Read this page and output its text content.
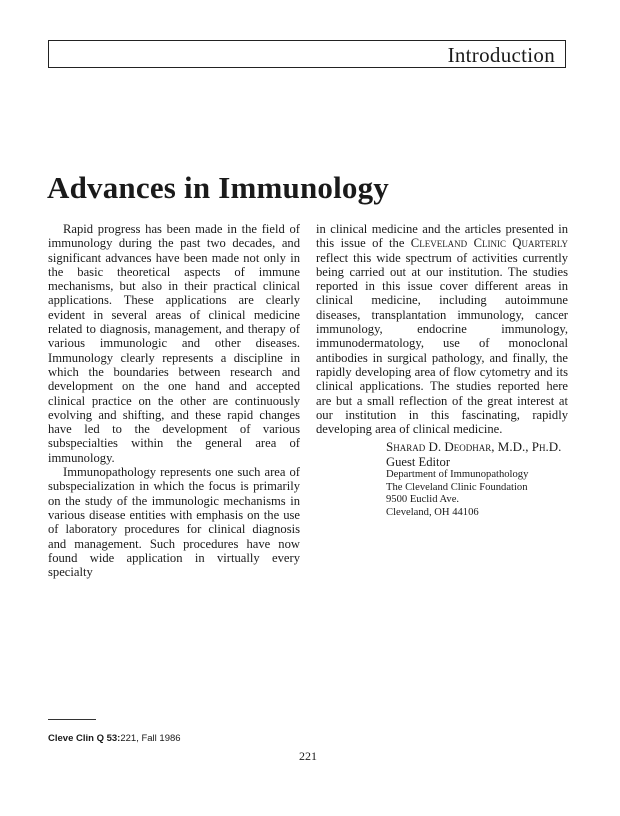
Introduction
Advances in Immunology

Rapid progress has been made in the field of immunology during the past two decades, and significant advances have been made not only in the basic theoretical aspects of immune mechanisms, but also in their practical clinical applications. These applications are clearly evident in several areas of clinical medicine related to diagnosis, management, and therapy of various immunologic and other diseases. Immunology clearly represents a discipline in which the boundaries between research and development on the one hand and accepted clinical practice on the other are continuously evolving and shifting, and these rapid changes have led to the development of various subspecialties within the general area of immunology.

Immunopathology represents one such area of subspecialization in which the focus is primarily on the study of the immunologic mechanisms in various disease entities with emphasis on the use of laboratory procedures for clinical diagnosis and management. Such procedures have now found wide application in virtually every specialty

in clinical medicine and the articles presented in this issue of the Cleveland Clinic Quarterly reflect this wide spectrum of activities currently being carried out at our institution. The studies reported in this issue cover different areas in clinical medicine, including autoimmune diseases, transplantation immunology, cancer immunology, endocrine immunology, immunodermatology, use of monoclonal antibodies in surgical pathology, and finally, the rapidly developing area of flow cytometry and its clinical applications. The studies reported here are but a small reflection of the great interest at our institution in this fascinating, rapidly developing area of clinical medicine.

Sharad D. Deodhar, M.D., Ph.D.
Guest Editor
Department of Immunopathology
The Cleveland Clinic Foundation
9500 Euclid Ave.
Cleveland, OH 44106
Cleve Clin Q 53:221, Fall 1986
221
